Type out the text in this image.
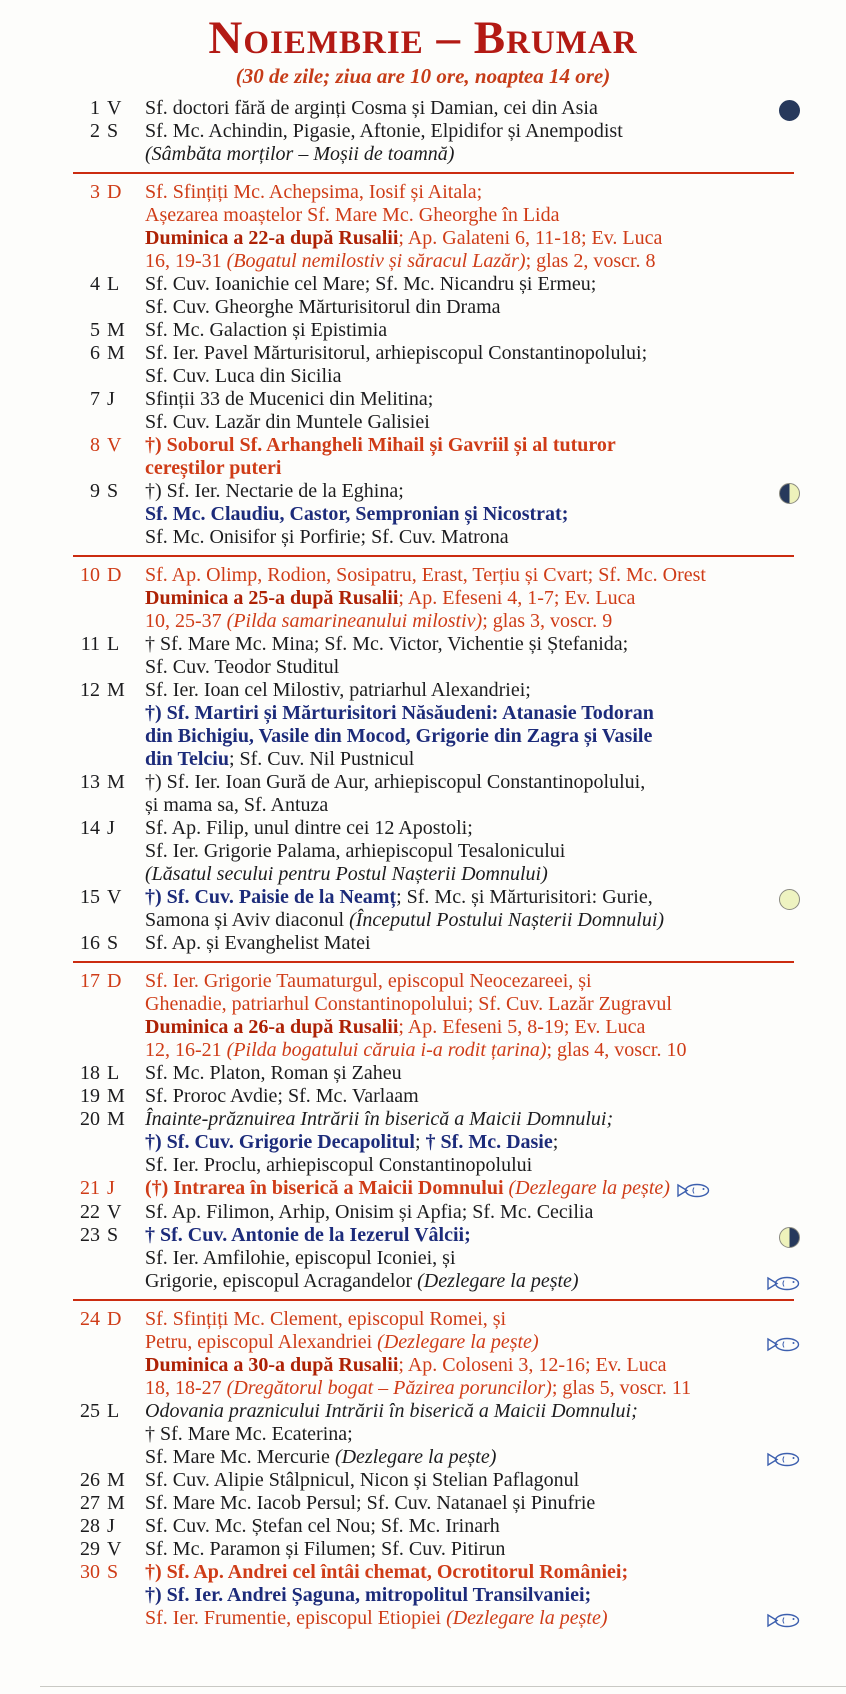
Noiembrie – Brumar
(30 de zile; ziua are 10 ore, noaptea 14 ore)
1 V Sf. doctori fără de arginți Cosma și Damian, cei din Asia
2 S Sf. Mc. Achindin, Pigasie, Aftonie, Elpidifor și Anempodist
(Sâmbăta morților – Moșii de toamnă)
3 D Sf. Sfințiți Mc. Achepsima, Iosif și Aitala;
Așezarea moaștelor Sf. Mare Mc. Gheorghe în Lida
Duminica a 22-a după Rusalii; Ap. Galateni 6, 11-18; Ev. Luca
16, 19-31 (Bogatul nemilostiv și săracul Lazăr); glas 2, voscr. 8
4 L Sf. Cuv. Ioanichie cel Mare; Sf. Mc. Nicandru și Ermeu;
Sf. Cuv. Gheorghe Mărturisitorul din Drama
5 M Sf. Mc. Galaction și Epistimia
6 M Sf. Ier. Pavel Mărturisitorul, arhiepiscopul Constantinopolului;
Sf. Cuv. Luca din Sicilia
7 J Sfinții 33 de Mucenici din Melitina;
Sf. Cuv. Lazăr din Muntele Galisiei
8 V †) Soborul Sf. Arhangheli Mihail și Gavriil și al tuturor
cereștilor puteri
9 S †) Sf. Ier. Nectarie de la Eghina;
Sf. Mc. Claudiu, Castor, Sempronian și Nicostrat;
Sf. Mc. Onisifor și Porfirie; Sf. Cuv. Matrona
10 D Sf. Ap. Olimp, Rodion, Sosipatru, Erast, Terțiu și Cvart; Sf. Mc. Orest
Duminica a 25-a după Rusalii; Ap. Efeseni 4, 1-7; Ev. Luca
10, 25-37 (Pilda samarineanului milostiv); glas 3, voscr. 9
11 L † Sf. Mare Mc. Mina; Sf. Mc. Victor, Vichentie și Ștefanida;
Sf. Cuv. Teodor Studitul
12 M Sf. Ier. Ioan cel Milostiv, patriarhul Alexandriei;
†) Sf. Martiri și Mărturisitori Năsăudeni: Atanasie Todoran
din Bichigiu, Vasile din Mocod, Grigorie din Zagra și Vasile
din Telciu; Sf. Cuv. Nil Pustnicul
13 M †) Sf. Ier. Ioan Gură de Aur, arhiepiscopul Constantinopolului,
și mama sa, Sf. Antuza
14 J Sf. Ap. Filip, unul dintre cei 12 Apostoli;
Sf. Ier. Grigorie Palama, arhiepiscopul Tesalonicului
(Lăsatul secului pentru Postul Nașterii Domnului)
15 V †) Sf. Cuv. Paisie de la Neamț; Sf. Mc. și Mărturisitori: Gurie,
Samona și Aviv diaconul (Începutul Postului Nașterii Domnului)
16 S Sf. Ap. și Evanghelist Matei
17 D Sf. Ier. Grigorie Taumaturgul, episcopul Neocezareei, și
Ghenadie, patriarhul Constantinopolului; Sf. Cuv. Lazăr Zugravul
Duminica a 26-a după Rusalii; Ap. Efeseni 5, 8-19; Ev. Luca
12, 16-21 (Pilda bogatului căruia i-a rodit țarina); glas 4, voscr. 10
18 L Sf. Mc. Platon, Roman și Zaheu
19 M Sf. Proroc Avdie; Sf. Mc. Varlaam
20 M Înainte-prăznuirea Intrării în biserică a Maicii Domnului;
†) Sf. Cuv. Grigorie Decapolitul; † Sf. Mc. Dasie;
Sf. Ier. Proclu, arhiepiscopul Constantinopolului
21 J (†) Intrarea în biserică a Maicii Domnului (Dezlegare la pește)
22 V Sf. Ap. Filimon, Arhip, Onisim și Apfia; Sf. Mc. Cecilia
23 S † Sf. Cuv. Antonie de la Iezerul Vâlcii;
Sf. Ier. Amfilohie, episcopul Iconiei, și
Grigorie, episcopul Acragandelor (Dezlegare la pește)
24 D Sf. Sfințiți Mc. Clement, episcopul Romei, și
Petru, episcopul Alexandriei (Dezlegare la pește)
Duminica a 30-a după Rusalii; Ap. Coloseni 3, 12-16; Ev. Luca
18, 18-27 (Dregătorul bogat – Păzirea poruncilor); glas 5, voscr. 11
25 L Odovania praznicului Intrării în biserică a Maicii Domnului;
† Sf. Mare Mc. Ecaterina;
Sf. Mare Mc. Mercurie (Dezlegare la pește)
26 M Sf. Cuv. Alipie Stâlpnicul, Nicon și Stelian Paflagonul
27 M Sf. Mare Mc. Iacob Persul; Sf. Cuv. Natanael și Pinufrie
28 J Sf. Cuv. Mc. Ștefan cel Nou; Sf. Mc. Irinarh
29 V Sf. Mc. Paramon și Filumen; Sf. Cuv. Pitirun
30 S †) Sf. Ap. Andrei cel întâi chemat, Ocrotitorul României;
†) Sf. Ier. Andrei Șaguna, mitropolitul Transilvaniei;
Sf. Ier. Frumentie, episcopul Etiopiei (Dezlegare la pește)
